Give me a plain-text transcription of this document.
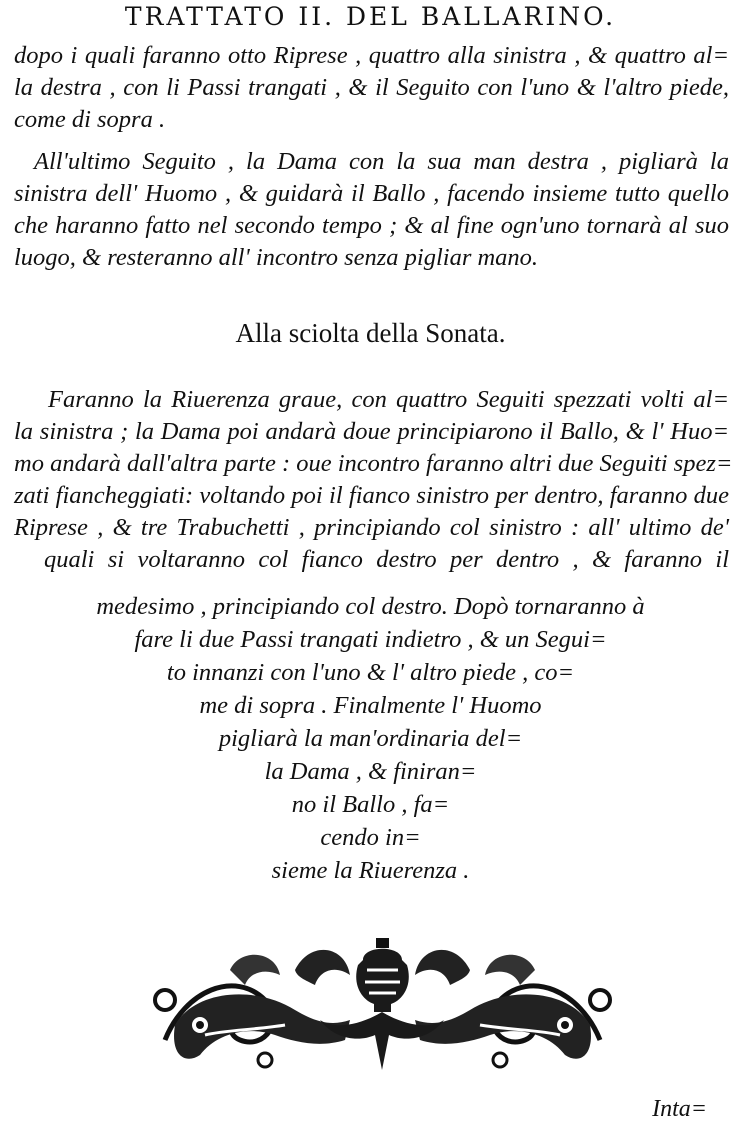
TRATTATO II. DEL BALLARINO.
dopo i quali faranno otto Riprese , quattro alla sinistra , & quattro al=
la destra , con li Passi trangati , & il Seguito con l'uno & l'altro piede,
come di sopra .
All'ultimo Seguito , la Dama con la sua man destra , pigliarà la
sinistra dell' Huomo , & guidarà il Ballo , facendo insieme tutto quello
che haranno fatto nel secondo tempo ; & al fine ogn'uno tornarà al suo
luogo, & resteranno all' incontro senza pigliar mano.
Alla sciolta della Sonata.
Faranno la Riuerenza graue, con quattro Seguiti spezzati volti al=
la sinistra ; la Dama poi andarà doue principiarono il Ballo, & l' Huo=
mo andarà dall'altra parte : oue incontro faranno altri due Seguiti spez=
zati fiancheggiati: voltando poi il fianco sinistro per dentro, faranno due
Riprese , & tre Trabuchetti , principiando col sinistro : all' ultimo de'
quali si voltaranno col fianco destro per dentro , & faranno il
medesimo , principiando col destro. Dopò tornaranno à
fare li due Passi trangati indietro , & un Segui=
to innanzi con l'uno & l' altro piede , co=
me di sopra . Finalmente l' Huomo
pigliarà la man'ordinaria del=
la Dama , & finiran=
no il Ballo , fa=
cendo in=
sieme la Riuerenza .
Inta=
